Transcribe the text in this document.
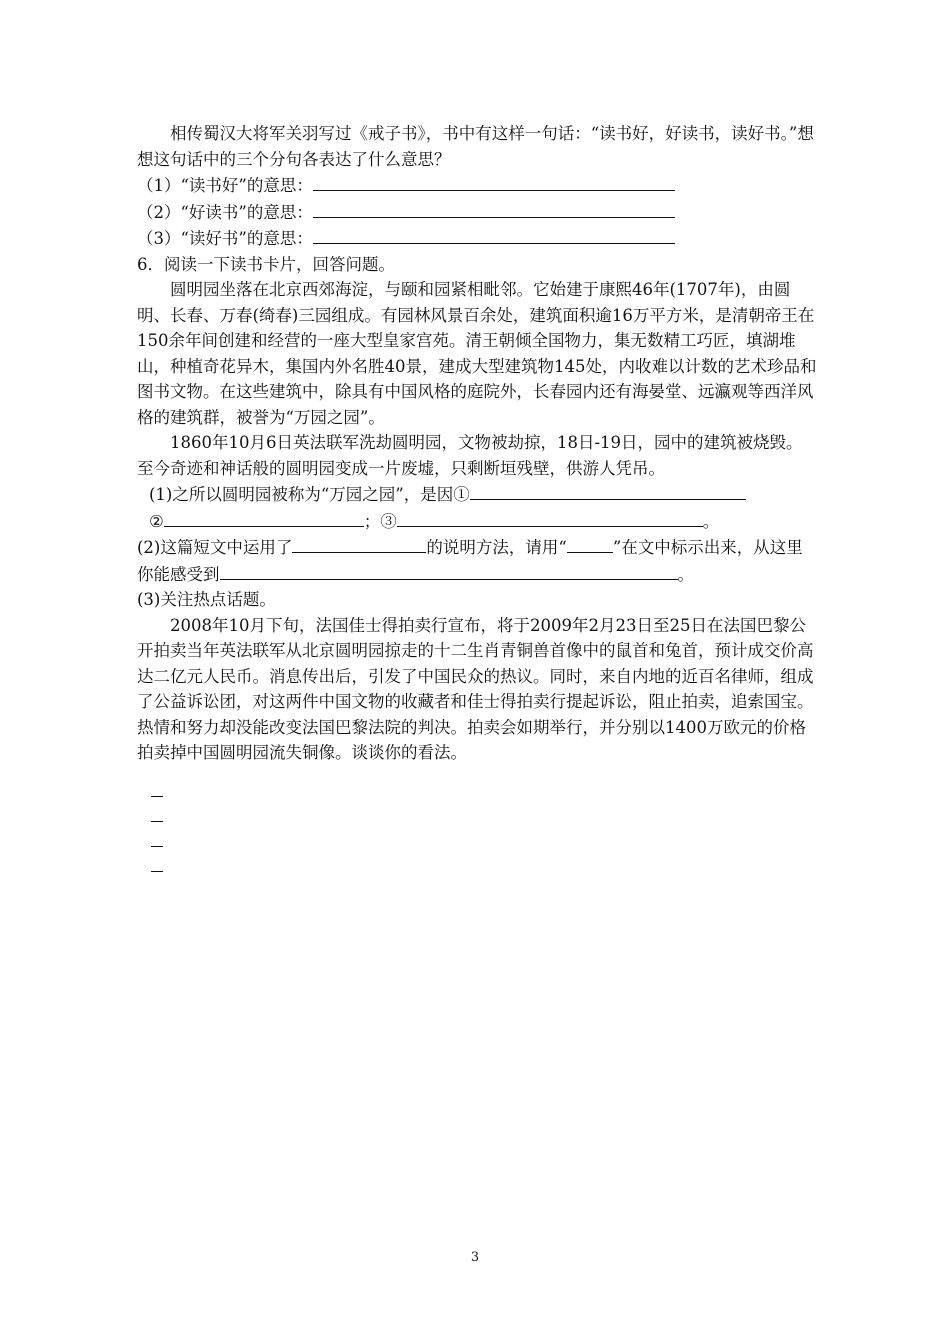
相传蜀汉大将军关羽写过《戒子书》，书中有这样一句话：“读书好，好读书，读好书。”想想这句话中的三个分句各表达了什么意思？

（1）“读书好”的意思：

（2）“好读书”的意思：

（3）“读好书”的意思：

6．阅读一下读书卡片，回答问题。

圆明园坐落在北京西郊海淀，与颐和园紧相毗邻。它始建于康熙46年(1707年)，由圆明、长春、万春(绮春)三园组成。有园林风景百余处，建筑面积逾16万平方米，是清朝帝王在150余年间创建和经营的一座大型皇家宫苑。清王朝倾全国物力，集无数精工巧匠，填湖堆山，种植奇花异木，集国内外名胜40景，建成大型建筑物145处，内收难以计数的艺术珍品和图书文物。在这些建筑中，除具有中国风格的庭院外，长春园内还有海晏堂、远瀛观等西洋风格的建筑群，被誉为“万园之园”。

1860年10月6日英法联军洗劫圆明园，文物被劫掠，18日-19日，园中的建筑被烧毁。至今奇迹和神话般的圆明园变成一片废墟，只剩断垣残壁，供游人凭吊。

(1)之所以圆明园被称为“万园之园”，是因①

②	；③	。

(2)这篇短文中运用了	的说明方法，请用“	”在文中标示出来，从这里你能感受到	。

(3)关注热点话题。

2008年10月下旬，法国佳士得拍卖行宣布，将于2009年2月23日至25日在法国巴黎公开拍卖当年英法联军从北京圆明园掠走的十二生肖青铜兽首像中的鼠首和兔首，预计成交价高达二亿元人民币。消息传出后，引发了中国民众的热议。同时，来自内地的近百名律师，组成了公益诉讼团，对这两件中国文物的收藏者和佳士得拍卖行提起诉讼，阻止拍卖，追索国宝。热情和努力却没能改变法国巴黎法院的判决。拍卖会如期举行，并分别以1400万欧元的价格拍卖掉中国圆明园流失铜像。谈谈你的看法。

3
